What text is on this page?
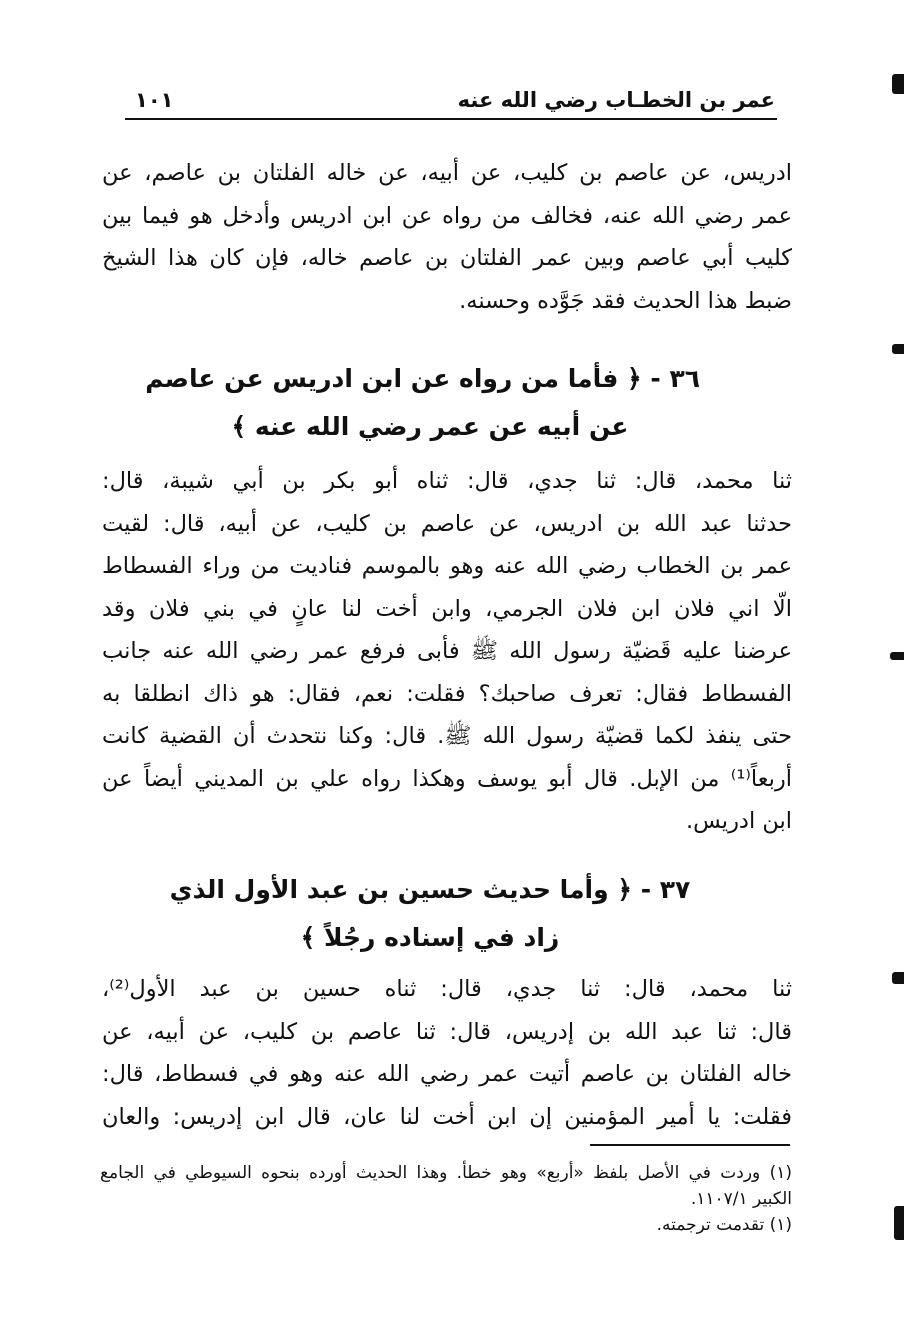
عمر بن الخطـاب رضي الله عنه
١٠١
ادريس، عن عاصم بن كليب، عن أبيه، عن خاله الفلتان بن عاصم، عن
عمر رضي الله عنه، فخالف من رواه عن ابن ادريس وأدخل هو فيما بين
كليب أبي عاصم وبين عمر الفلتان بن عاصم خاله، فإن كان هذا الشيخ
ضبط هذا الحديث فقد جَوَّده وحسنه.
٣٦ - ﴿ فأما من رواه عن ابن ادريس عن عاصم
عن أبيه عن عمر رضي الله عنه ﴾
ثنا محمد، قال: ثنا جدي، قال: ثناه أبو بكر بن أبي شيبة، قال:
حدثنا عبد الله بن ادريس، عن عاصم بن كليب، عن أبيه، قال: لقيت
عمر بن الخطاب رضي الله عنه وهو بالموسم فناديت من وراء الفسطاط
الّا اني فلان ابن فلان الجرمي، وابن أخت لنا عانٍ في بني فلان وقد
عرضنا عليه قَضيّة رسول الله ﷺ فأبى فرفع عمر رضي الله عنه جانب
الفسطاط فقال: تعرف صاحبك؟ فقلت: نعم، فقال: هو ذاك انطلقا به
حتى ينفذ لكما قضيّة رسول الله ﷺ. قال: وكنا نتحدث أن القضية كانت
أربعاً⁽¹⁾ من الإبل. قال أبو يوسف وهكذا رواه علي بن المديني أيضاً عن
ابن ادريس.
٣٧ - ﴿ وأما حديث حسين بن عبد الأول الذي
زاد في إسناده رجُلاً ﴾
ثنا محمد، قال: ثنا جدي، قال: ثناه حسين بن عبد الأول⁽²⁾،
قال: ثنا عبد الله بن إدريس، قال: ثنا عاصم بن كليب، عن أبيه، عن
خاله الفلتان بن عاصم أتيت عمر رضي الله عنه وهو في فسطاط، قال:
فقلت: يا أمير المؤمنين إن ابن أخت لنا عان، قال ابن إدريس: والعان
(١) وردت في الأصل بلفظ «أربع» وهو خطأ. وهذا الحديث أورده بنحوه السيوطي في الجامع
الكبير ١١٠٧/١.
(١) تقدمت ترجمته.
